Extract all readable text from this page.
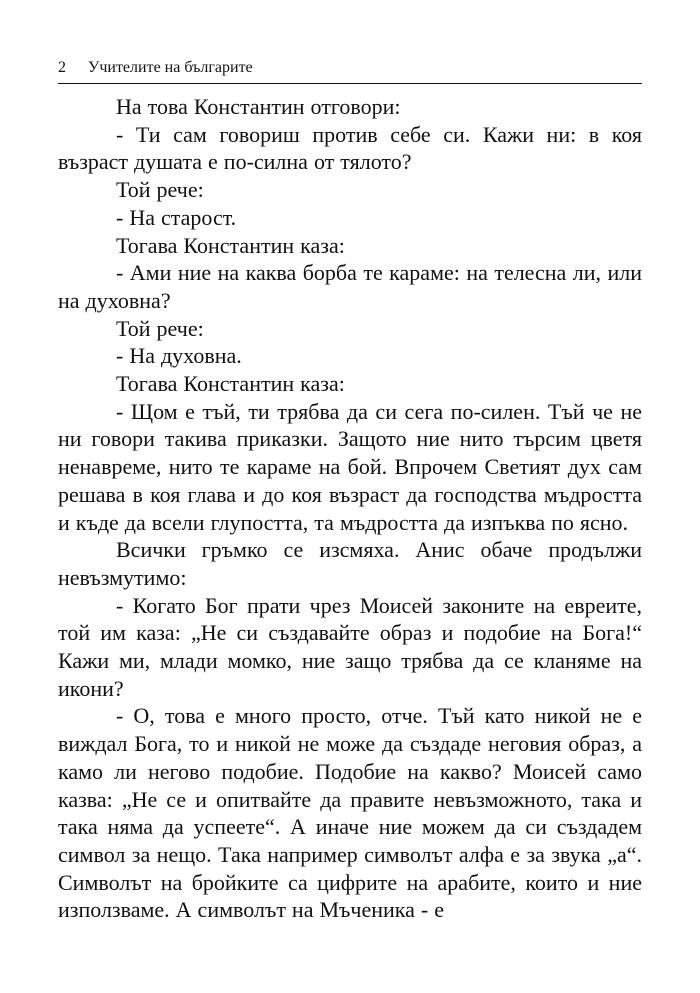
2 Учителите на българите

На това Константин отговори:

- Ти сам говориш против себе си. Кажи ни: в коя възраст душата е по-силна от тялото?

Той рече:

- На старост.

Тогава Константин каза:

- Ами ние на каква борба те караме: на телесна ли, или на духовна?

Той рече:

- На духовна.

Тогава Константин каза:

- Щом е тъй, ти трябва да си сега по-силен. Тъй че не ни говори такива приказки. Защото ние нито търсим цветя ненавреме, нито те караме на бой. Впрочем Светият дух сам решава в коя глава и до коя възраст да господства мъдростта и къде да всели глупостта, та мъдростта да изпъква по ясно.

Всички гръмко се изсмяха. Анис обаче продължи невъзмутимо:

- Когато Бог прати чрез Моисей законите на евреите, той им каза: „Не си създавайте образ и подобие на Бога!“ Кажи ми, млади момко, ние защо трябва да се кланяме на икони?

- О, това е много просто, отче. Тъй като никой не е виждал Бога, то и никой не може да създаде неговия образ, а камо ли негово подобие. Подобие на какво? Моисей само казва: „Не се и опитвайте да правите невъзможното, така и така няма да успеете“. А иначе ние можем да си създадем символ за нещо. Така например символът алфа е за звука „а“. Символът на бройките са цифрите на арабите, които и ние използваме. А символът на Мъченика - е
